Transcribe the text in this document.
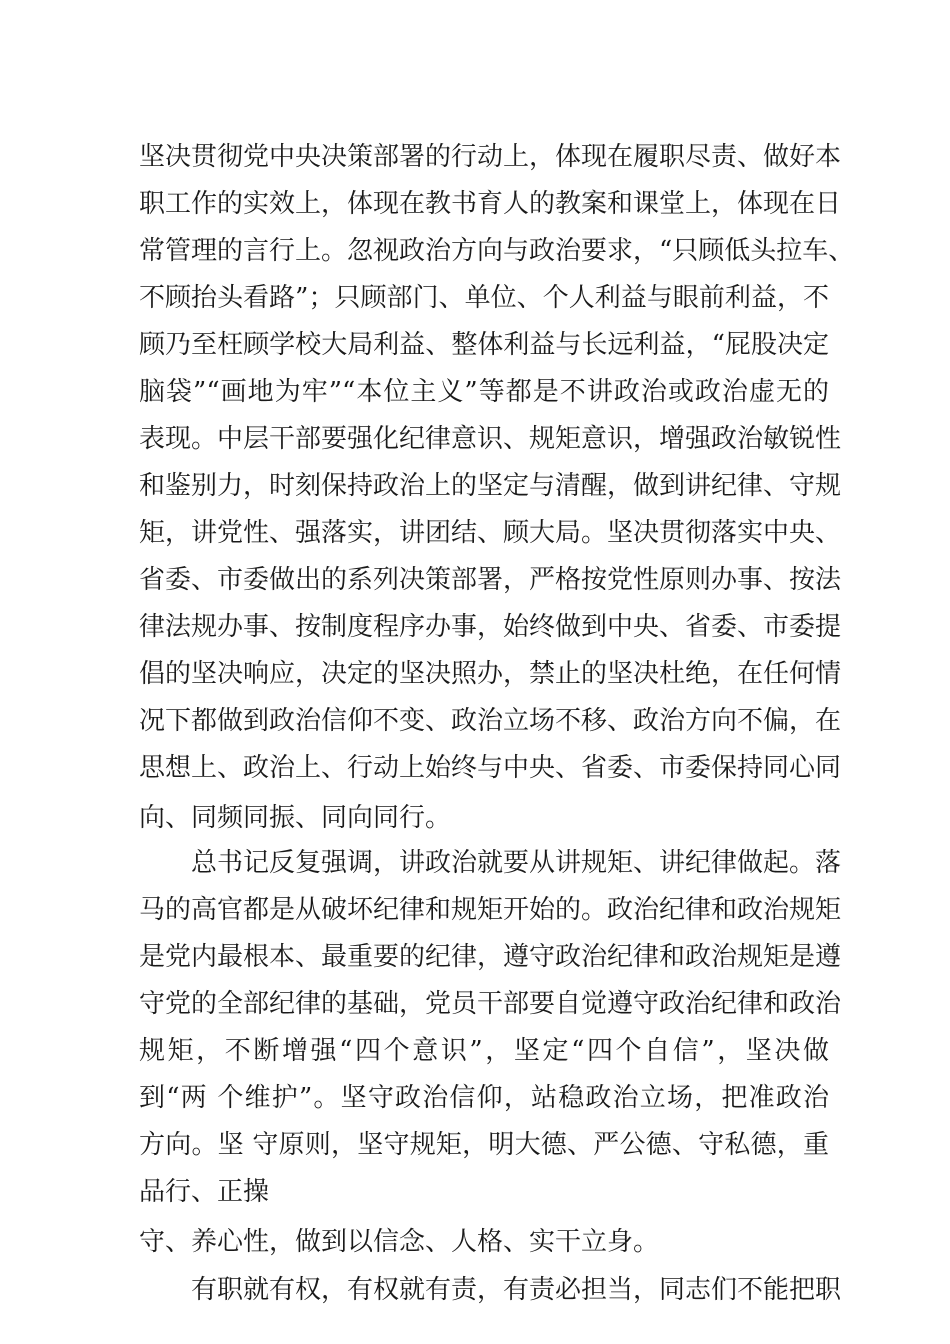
坚决贯彻党中央决策部署的行动上，体现在履职尽责、做好本
职工作的实效上，体现在教书育人的教案和课堂上，体现在日
常管理的言行上。忽视政治方向与政治要求，“只顾低头拉车、
不顾抬头看路”；只顾部门、单位、个人利益与眼前利益，不
顾乃至枉顾学校大局利益、整体利益与长远利益，“屁股决定
脑袋”“画地为牢”“本位主义”等都是不讲政治或政治虚无的
表现。中层干部要强化纪律意识、规矩意识，增强政治敏锐性
和鉴别力，时刻保持政治上的坚定与清醒，做到讲纪律、守规
矩，讲党性、强落实，讲团结、顾大局。坚决贯彻落实中央、
省委、市委做出的系列决策部署，严格按党性原则办事、按法
律法规办事、按制度程序办事，始终做到中央、省委、市委提
倡的坚决响应，决定的坚决照办，禁止的坚决杜绝，在任何情
况下都做到政治信仰不变、政治立场不移、政治方向不偏，在
思想上、政治上、行动上始终与中央、省委、市委保持同心同
向、同频同振、同向同行。
总书记反复强调，讲政治就要从讲规矩、讲纪律做起。落
马的高官都是从破坏纪律和规矩开始的。政治纪律和政治规矩
是党内最根本、最重要的纪律，遵守政治纪律和政治规矩是遵
守党的全部纪律的基础，党员干部要自觉遵守政治纪律和政治
规矩，不断增强“四个意识”，坚定“四个自信”，坚决做
到“两 个维护”。坚守政治信仰，站稳政治立场，把准政治
方向。坚 守原则，坚守规矩，明大德、严公德、守私德，重
品行、正操
守、养心性，做到以信念、人格、实干立身。
有职就有权，有权就有责，有责必担当，同志们不能把职
